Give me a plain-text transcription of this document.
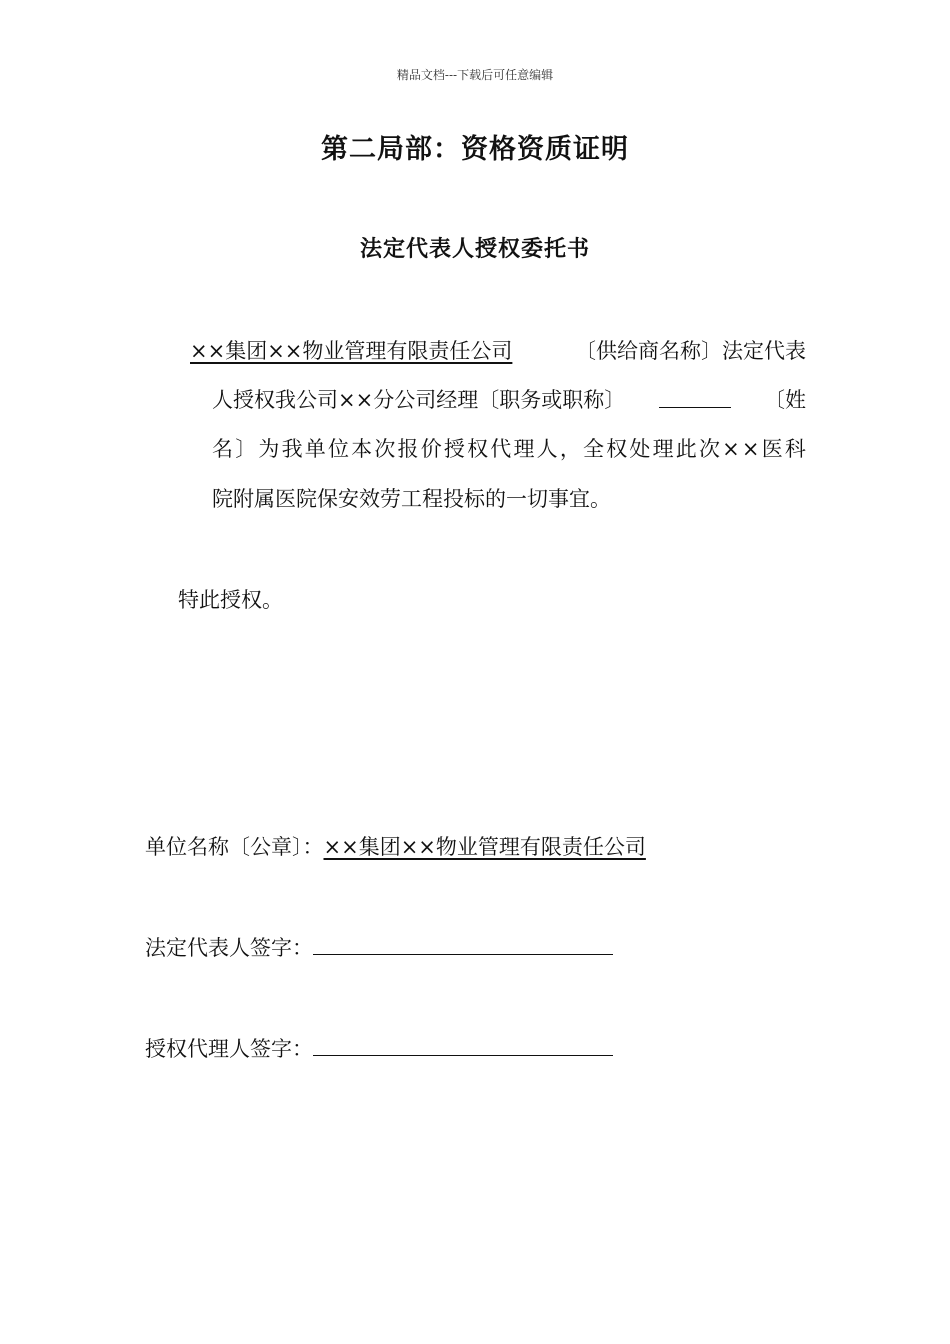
精品文档---下载后可任意编辑
第二局部：资格资质证明
法定代表人授权委托书
××集团××物业管理有限责任公司	〔供给商名称〕法定代表
人授权我公司××分公司经理〔职务或职称〕	〔姓
名 〕 为 我 单 位 本 次 报 价 授 权 代 理 人 ， 全 权 处 理 此 次 × × 医 科
院附属医院保安效劳工程投标的一切事宜。
特此授权。
单位名称〔公章〕：××集团××物业管理有限责任公司
法定代表人签字：
授权代理人签字：
